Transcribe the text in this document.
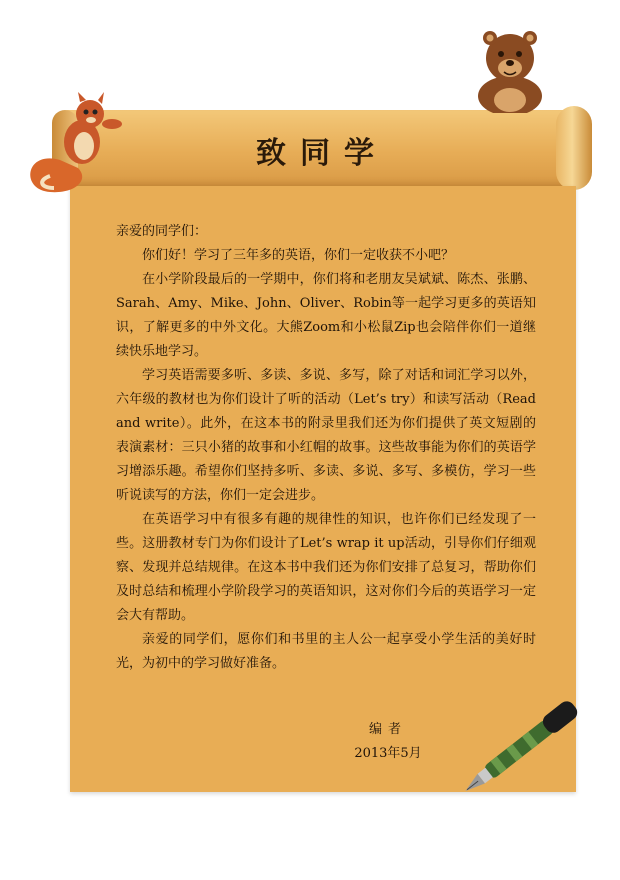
致同学

亲爱的同学们：

你们好！学习了三年多的英语，你们一定收获不小吧？

在小学阶段最后的一学期中，你们将和老朋友吴斌斌、陈杰、张鹏、Sarah、Amy、Mike、John、Oliver、Robin等一起学习更多的英语知识，了解更多的中外文化。大熊Zoom和小松鼠Zip也会陪伴你们一道继续快乐地学习。

学习英语需要多听、多读、多说、多写，除了对话和词汇学习以外，六年级的教材也为你们设计了听的活动（Let’s try）和读写活动（Read and write）。此外，在这本书的附录里我们还为你们提供了英文短剧的表演素材：三只小猪的故事和小红帽的故事。这些故事能为你们的英语学习增添乐趣。希望你们坚持多听、多读、多说、多写、多模仿，学习一些听说读写的方法，你们一定会进步。

在英语学习中有很多有趣的规律性的知识，也许你们已经发现了一些。这册教材专门为你们设计了Let’s wrap it up活动，引导你们仔细观察、发现并总结规律。在这本书中我们还为你们安排了总复习，帮助你们及时总结和梳理小学阶段学习的英语知识，这对你们今后的英语学习一定会大有帮助。

亲爱的同学们，愿你们和书里的主人公一起享受小学生活的美好时光，为初中的学习做好准备。

编者
2013年5月
